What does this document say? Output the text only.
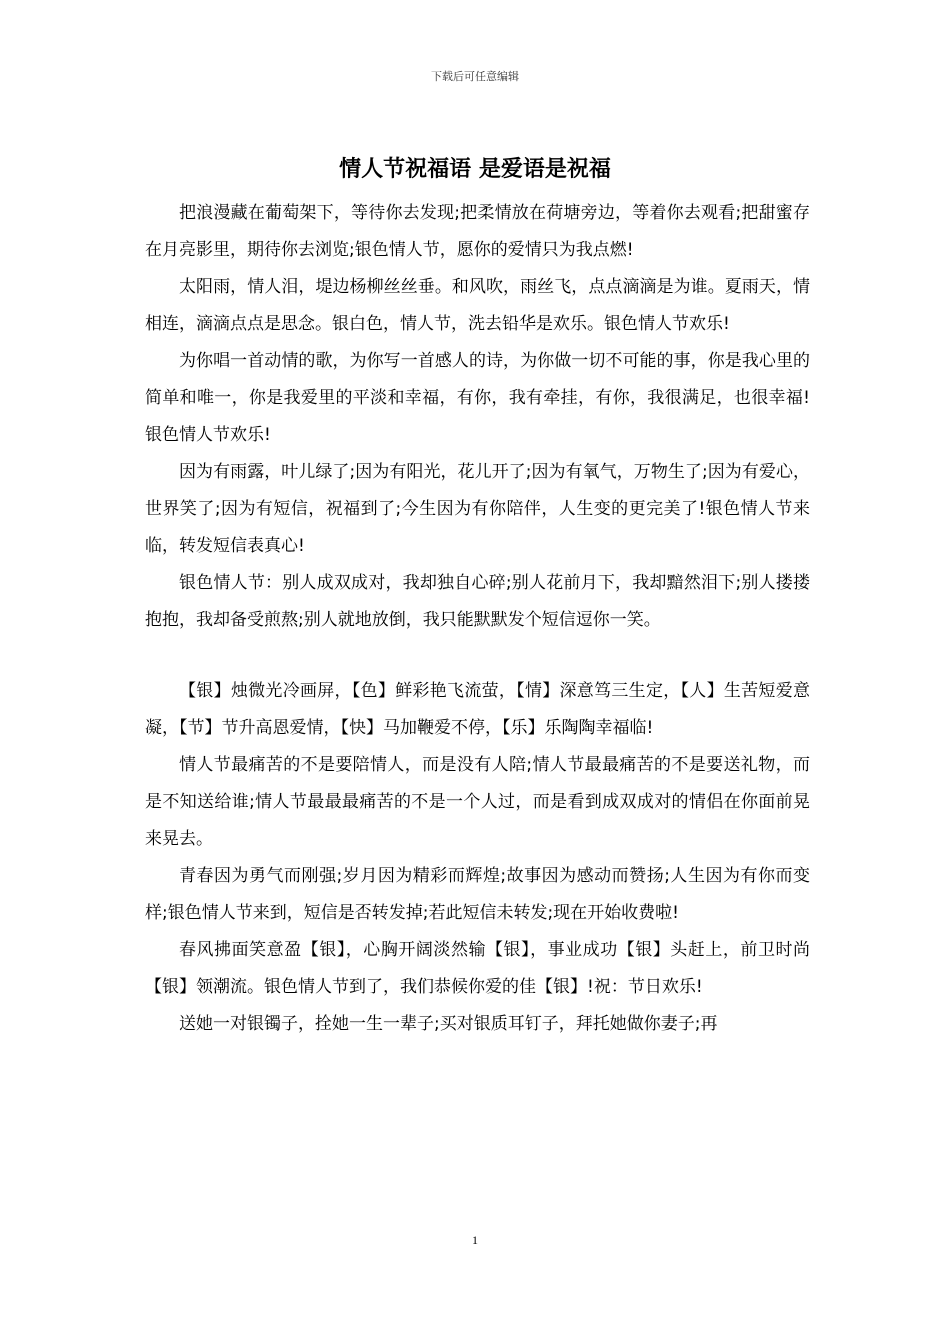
下载后可任意编辑
情人节祝福语 是爱语是祝福

把浪漫藏在葡萄架下，等待你去发现;把柔情放在荷塘旁边，等着你去观看;把甜蜜存在月亮影里，期待你去浏览;银色情人节，愿你的爱情只为我点燃!

太阳雨，情人泪，堤边杨柳丝丝垂。和风吹，雨丝飞，点点滴滴是为谁。夏雨天，情相连，滴滴点点是思念。银白色，情人节，洗去铅华是欢乐。银色情人节欢乐!

为你唱一首动情的歌，为你写一首感人的诗，为你做一切不可能的事，你是我心里的简单和唯一，你是我爱里的平淡和幸福，有你，我有牵挂，有你，我很满足，也很幸福!银色情人节欢乐!

因为有雨露，叶儿绿了;因为有阳光，花儿开了;因为有氧气，万物生了;因为有爱心，世界笑了;因为有短信，祝福到了;今生因为有你陪伴，人生变的更完美了!银色情人节来临，转发短信表真心!

银色情人节：别人成双成对，我却独自心碎;别人花前月下，我却黯然泪下;别人搂搂抱抱，我却备受煎熬;别人就地放倒，我只能默默发个短信逗你一笑。

【银】烛微光冷画屏，【色】鲜彩艳飞流萤，【情】深意笃三生定，【人】生苦短爱意凝，【节】节升高恩爱情，【快】马加鞭爱不停，【乐】乐陶陶幸福临!

情人节最痛苦的不是要陪情人，而是没有人陪;情人节最最痛苦的不是要送礼物，而是不知送给谁;情人节最最最痛苦的不是一个人过，而是看到成双成对的情侣在你面前晃来晃去。

青春因为勇气而刚强;岁月因为精彩而辉煌;故事因为感动而赞扬;人生因为有你而变样;银色情人节来到，短信是否转发掉;若此短信未转发;现在开始收费啦!

春风拂面笑意盈【银】，心胸开阔淡然输【银】，事业成功【银】头赶上，前卫时尚【银】领潮流。银色情人节到了，我们恭候你爱的佳【银】!祝：节日欢乐!

送她一对银镯子，拴她一生一辈子;买对银质耳钉子，拜托她做你妻子;再

1
